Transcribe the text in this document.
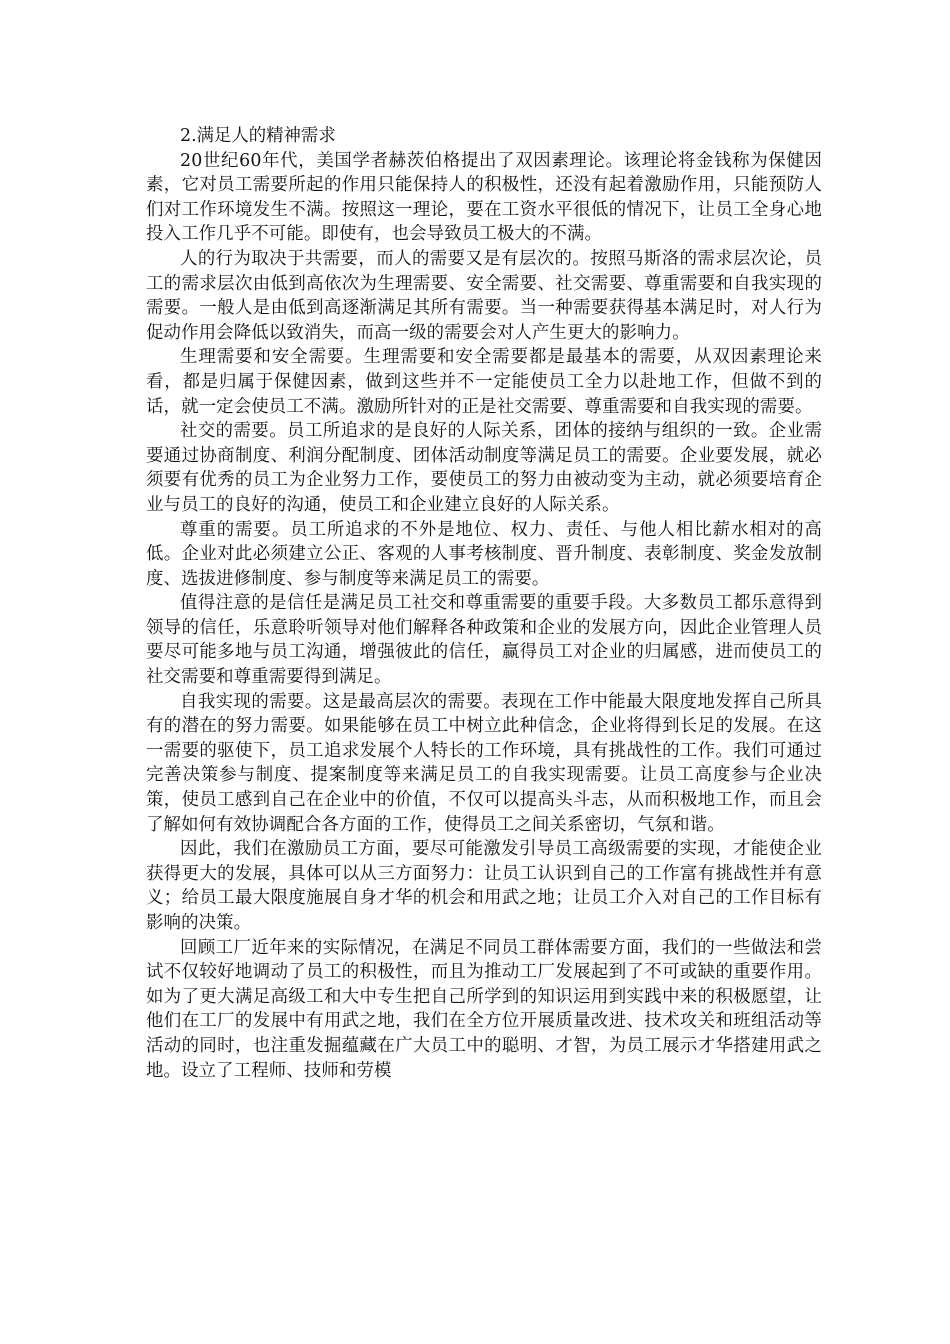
2.满足人的精神需求

20世纪60年代，美国学者赫茨伯格提出了双因素理论。该理论将金钱称为保健因素，它对员工需要所起的作用只能保持人的积极性，还没有起着激励作用，只能预防人们对工作环境发生不满。按照这一理论，要在工资水平很低的情况下，让员工全身心地投入工作几乎不可能。即使有，也会导致员工极大的不满。

人的行为取决于共需要，而人的需要又是有层次的。按照马斯洛的需求层次论，员工的需求层次由低到高依次为生理需要、安全需要、社交需要、尊重需要和自我实现的需要。一般人是由低到高逐渐满足其所有需要。当一种需要获得基本满足时，对人行为促动作用会降低以致消失，而高一级的需要会对人产生更大的影响力。

生理需要和安全需要。生理需要和安全需要都是最基本的需要，从双因素理论来看，都是归属于保健因素，做到这些并不一定能使员工全力以赴地工作，但做不到的话，就一定会使员工不满。激励所针对的正是社交需要、尊重需要和自我实现的需要。

社交的需要。员工所追求的是良好的人际关系，团体的接纳与组织的一致。企业需要通过协商制度、利润分配制度、团体活动制度等满足员工的需要。企业要发展，就必须要有优秀的员工为企业努力工作，要使员工的努力由被动变为主动，就必须要培育企业与员工的良好的沟通，使员工和企业建立良好的人际关系。

尊重的需要。员工所追求的不外是地位、权力、责任、与他人相比薪水相对的高低。企业对此必须建立公正、客观的人事考核制度、晋升制度、表彰制度、奖金发放制度、选拔进修制度、参与制度等来满足员工的需要。

值得注意的是信任是满足员工社交和尊重需要的重要手段。大多数员工都乐意得到领导的信任，乐意聆听领导对他们解释各种政策和企业的发展方向，因此企业管理人员要尽可能多地与员工沟通，增强彼此的信任，赢得员工对企业的归属感，进而使员工的社交需要和尊重需要得到满足。

自我实现的需要。这是最高层次的需要。表现在工作中能最大限度地发挥自己所具有的潜在的努力需要。如果能够在员工中树立此种信念，企业将得到长足的发展。在这一需要的驱使下，员工追求发展个人特长的工作环境，具有挑战性的工作。我们可通过完善决策参与制度、提案制度等来满足员工的自我实现需要。让员工高度参与企业决策，使员工感到自己在企业中的价值，不仅可以提高头斗志，从而积极地工作，而且会了解如何有效协调配合各方面的工作，使得员工之间关系密切，气氛和谐。

因此，我们在激励员工方面，要尽可能激发引导员工高级需要的实现，才能使企业获得更大的发展，具体可以从三方面努力：让员工认识到自己的工作富有挑战性并有意义；给员工最大限度施展自身才华的机会和用武之地；让员工介入对自己的工作目标有影响的决策。

回顾工厂近年来的实际情况，在满足不同员工群体需要方面，我们的一些做法和尝试不仅较好地调动了员工的积极性，而且为推动工厂发展起到了不可或缺的重要作用。如为了更大满足高级工和大中专生把自己所学到的知识运用到实践中来的积极愿望，让他们在工厂的发展中有用武之地，我们在全方位开展质量改进、技术攻关和班组活动等活动的同时，也注重发掘蕴藏在广大员工中的聪明、才智，为员工展示才华搭建用武之地。设立了工程师、技师和劳模
